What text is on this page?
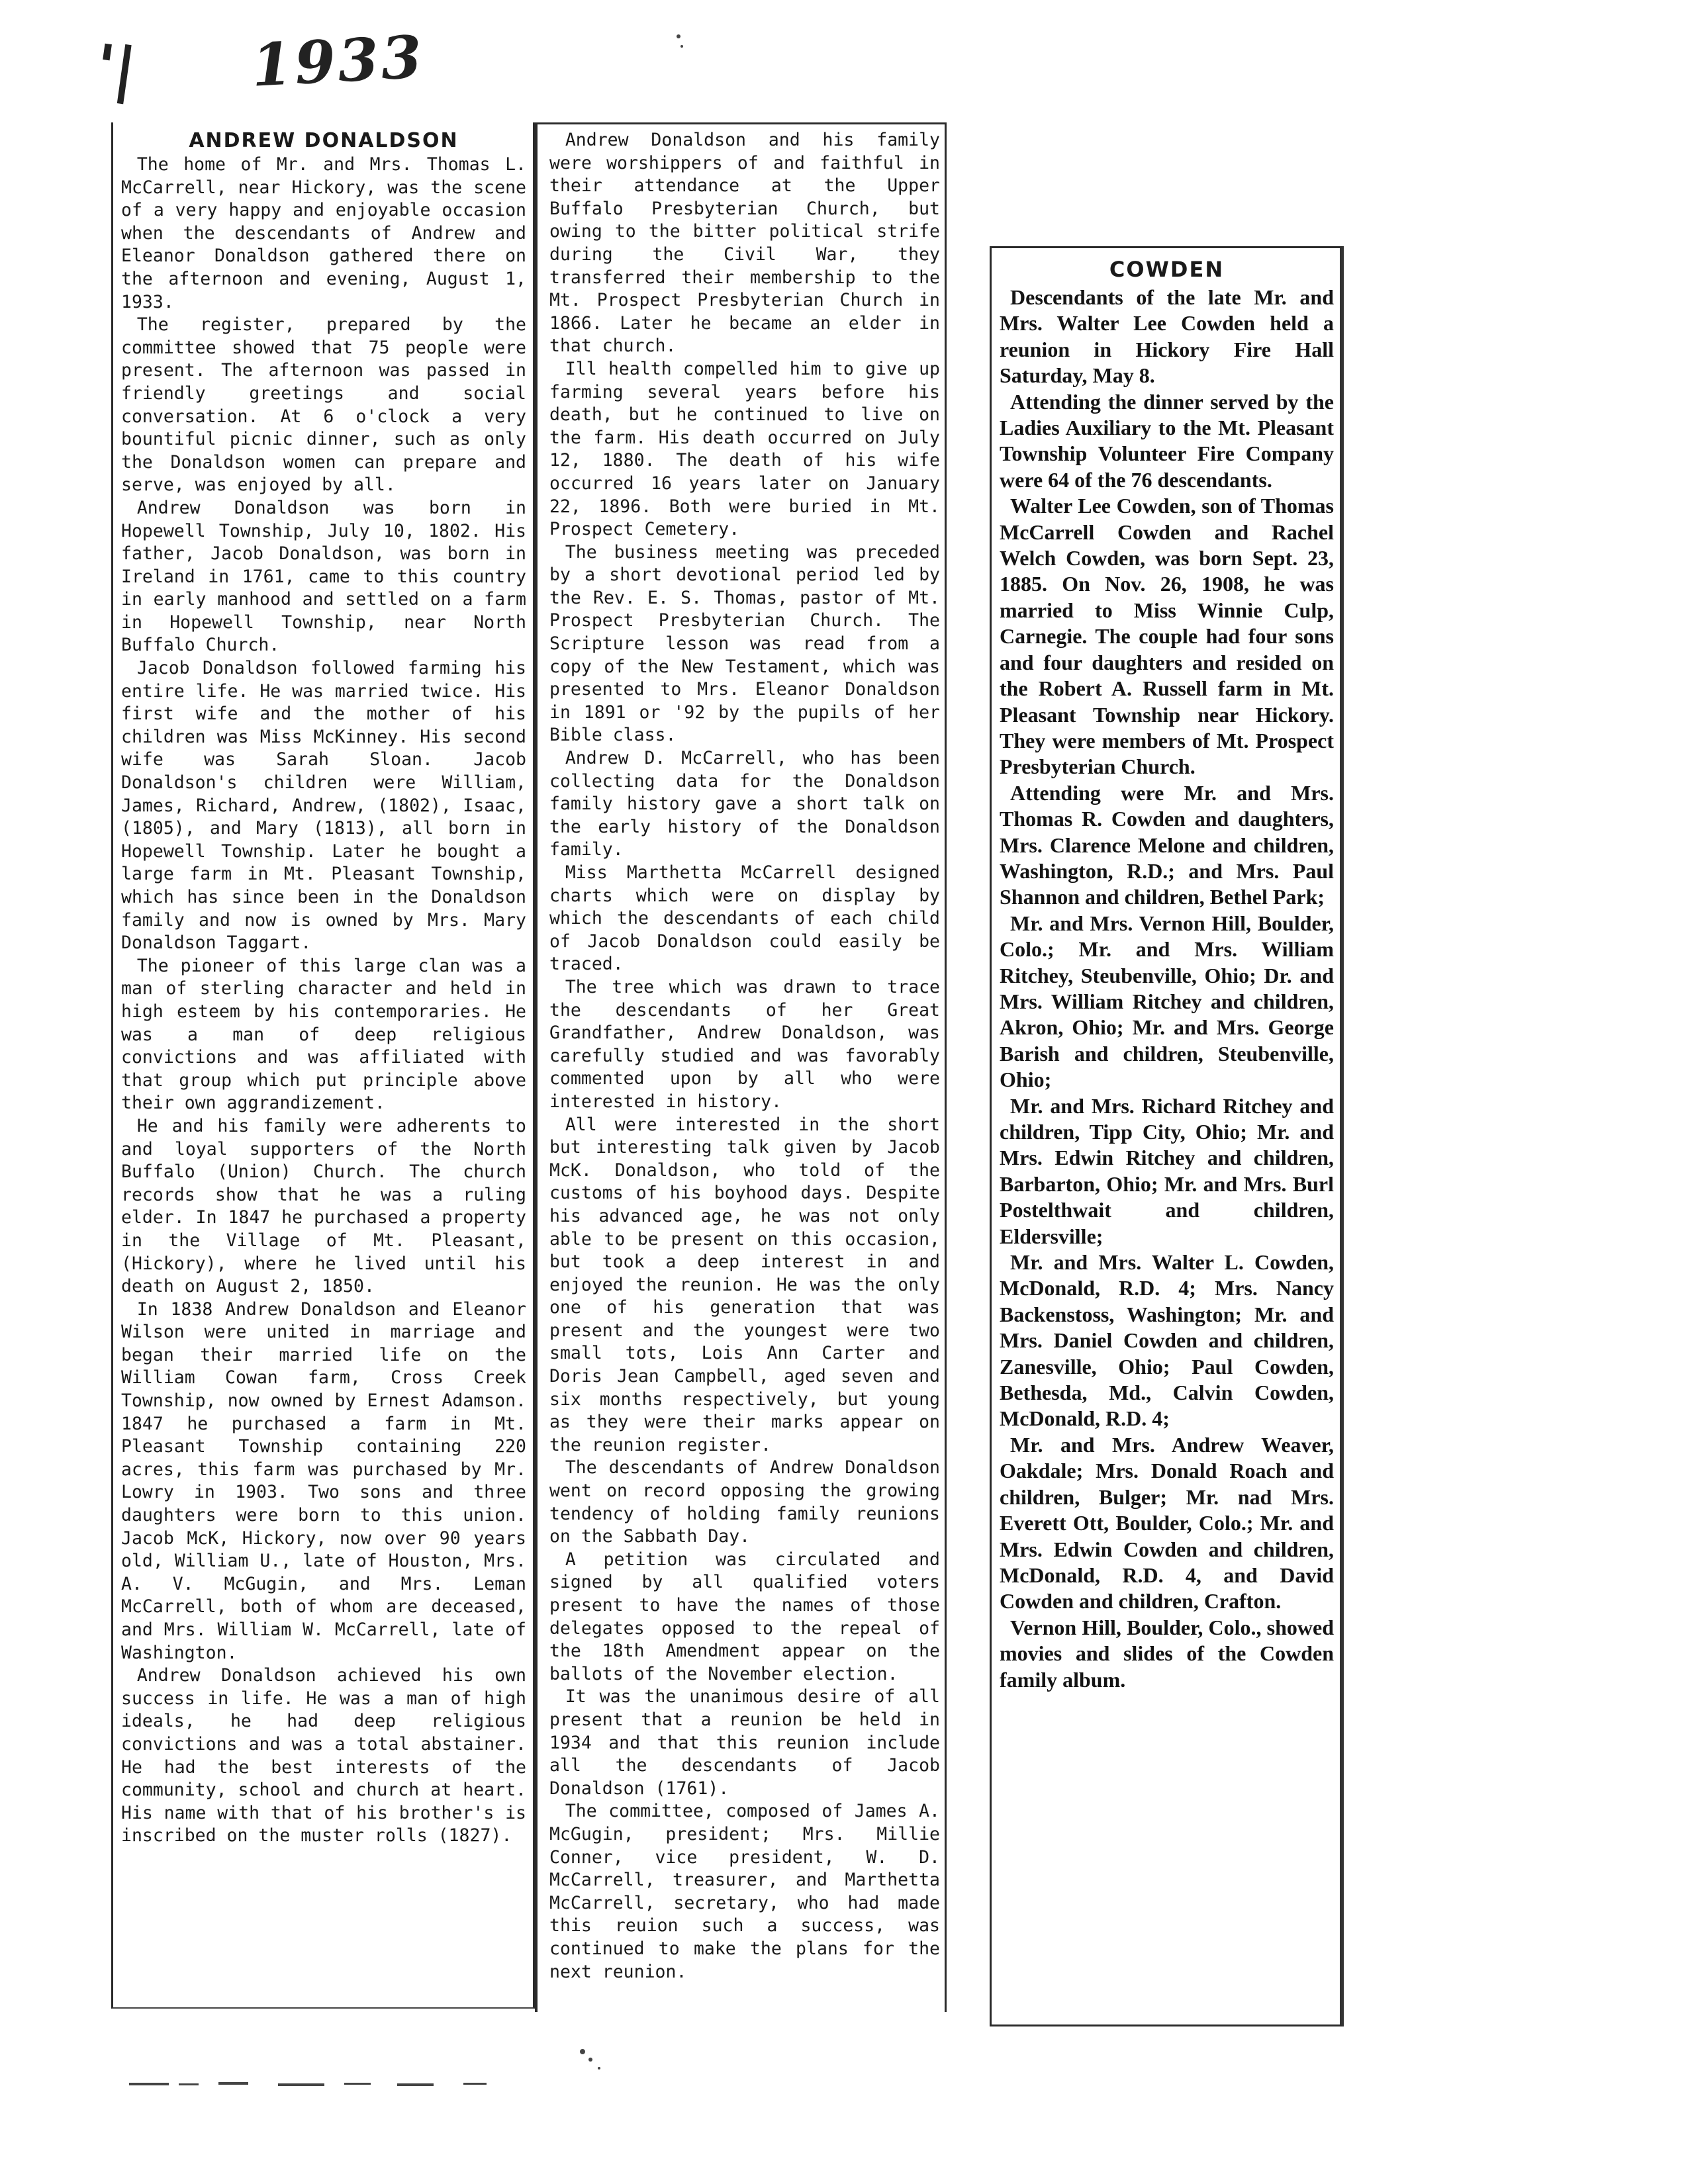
'| 1933
ANDREW DONALDSON

The home of Mr. and Mrs. Thomas L. McCarrell, near Hickory, was the scene of a very happy and enjoyable occasion when the descendants of Andrew and Eleanor Donaldson gathered there on the afternoon and evening, August 1, 1933.

The register, prepared by the committee showed that 75 people were present. The afternoon was passed in friendly greetings and social conversation. At 6 o'clock a very bountiful picnic dinner, such as only the Donaldson women can prepare and serve, was enjoyed by all.

Andrew Donaldson was born in Hopewell Township, July 10, 1802. His father, Jacob Donaldson, was born in Ireland in 1761, came to this country in early manhood and settled on a farm in Hopewell Township, near North Buffalo Church.

Jacob Donaldson followed farming his entire life. He was married twice. His first wife and the mother of his children was Miss McKinney. His second wife was Sarah Sloan. Jacob Donaldson's children were William, James, Richard, Andrew, (1802), Isaac, (1805), and Mary (1813), all born in Hopewell Township. Later he bought a large farm in Mt. Pleasant Township, which has since been in the Donaldson family and now is owned by Mrs. Mary Donaldson Taggart.

The pioneer of this large clan was a man of sterling character and held in high esteem by his contemporaries. He was a man of deep religious convictions and was affiliated with that group which put principle above their own aggrandizement.

He and his family were adherents to and loyal supporters of the North Buffalo (Union) Church. The church records show that he was a ruling elder. In 1847 he purchased a property in the Village of Mt. Pleasant, (Hickory), where he lived until his death on August 2, 1850.

In 1838 Andrew Donaldson and Eleanor Wilson were united in marriage and began their married life on the William Cowan farm, Cross Creek Township, now owned by Ernest Adamson. 1847 he purchased a farm in Mt. Pleasant Township containing 220 acres, this farm was purchased by Mr. Lowry in 1903. Two sons and three daughters were born to this union. Jacob McK, Hickory, now over 90 years old, William U., late of Houston, Mrs. A. V. McGugin, and Mrs. Leman McCarrell, both of whom are deceased, and Mrs. William W. McCarrell, late of Washington.

Andrew Donaldson achieved his own success in life. He was a man of high ideals, he had deep religious convictions and was a total abstainer. He had the best interests of the community, school and church at heart. His name with that of his brother's is inscribed on the muster rolls (1827).

Andrew Donaldson and his family were worshippers of and faithful in their attendance at the Upper Buffalo Presbyterian Church, but owing to the bitter political strife during the Civil War, they transferred their membership to the Mt. Prospect Presbyterian Church in 1866. Later he became an elder in that church.

Ill health compelled him to give up farming several years before his death, but he continued to live on the farm. His death occurred on July 12, 1880. The death of his wife occurred 16 years later on January 22, 1896. Both were buried in Mt. Prospect Cemetery.

The business meeting was preceded by a short devotional period led by the Rev. E. S. Thomas, pastor of Mt. Prospect Presbyterian Church. The Scripture lesson was read from a copy of the New Testament, which was presented to Mrs. Eleanor Donaldson in 1891 or '92 by the pupils of her Bible class.

Andrew D. McCarrell, who has been collecting data for the Donaldson family history gave a short talk on the early history of the Donaldson family.

Miss Marthetta McCarrell designed charts which were on display by which the descendants of each child of Jacob Donaldson could easily be traced.

The tree which was drawn to trace the descendants of her Great Grandfather, Andrew Donaldson, was carefully studied and was favorably commented upon by all who were interested in history.

All were interested in the short but interesting talk given by Jacob McK. Donaldson, who told of the customs of his boyhood days. Despite his advanced age, he was not only able to be present on this occasion, but took a deep interest in and enjoyed the reunion. He was the only one of his generation that was present and the youngest were two small tots, Lois Ann Carter and Doris Jean Campbell, aged seven and six months respectively, but young as they were their marks appear on the reunion register.

The descendants of Andrew Donaldson went on record opposing the growing tendency of holding family reunions on the Sabbath Day.

A petition was circulated and signed by all qualified voters present to have the names of those delegates opposed to the repeal of the 18th Amendment appear on the ballots of the November election.

It was the unanimous desire of all present that a reunion be held in 1934 and that this reunion include all the descendants of Jacob Donaldson (1761).

The committee, composed of James A. McGugin, president; Mrs. Millie Conner, vice president, W. D. McCarrell, treasurer, and Marthetta McCarrell, secretary, who had made this reuion such a success, was continued to make the plans for the next reunion.

COWDEN

Descendants of the late Mr. and Mrs. Walter Lee Cowden held a reunion in Hickory Fire Hall Saturday, May 8.

Attending the dinner served by the Ladies Auxiliary to the Mt. Pleasant Township Volunteer Fire Company were 64 of the 76 descendants.

Walter Lee Cowden, son of Thomas McCarrell Cowden and Rachel Welch Cowden, was born Sept. 23, 1885. On Nov. 26, 1908, he was married to Miss Winnie Culp, Carnegie. The couple had four sons and four daughters and resided on the Robert A. Russell farm in Mt. Pleasant Township near Hickory. They were members of Mt. Prospect Presbyterian Church.

Attending were Mr. and Mrs. Thomas R. Cowden and daughters, Mrs. Clarence Melone and children, Washington, R.D.; and Mrs. Paul Shannon and children, Bethel Park;

Mr. and Mrs. Vernon Hill, Boulder, Colo.; Mr. and Mrs. William Ritchey, Steubenville, Ohio; Dr. and Mrs. William Ritchey and children, Akron, Ohio; Mr. and Mrs. George Barish and children, Steubenville, Ohio;

Mr. and Mrs. Richard Ritchey and children, Tipp City, Ohio; Mr. and Mrs. Edwin Ritchey and children, Barbarton, Ohio; Mr. and Mrs. Burl Postelthwait and children, Eldersville;

Mr. and Mrs. Walter L. Cowden, McDonald, R.D. 4; Mrs. Nancy Backenstoss, Washington; Mr. and Mrs. Daniel Cowden and children, Zanesville, Ohio; Paul Cowden, Bethesda, Md., Calvin Cowden, McDonald, R.D. 4;

Mr. and Mrs. Andrew Weaver, Oakdale; Mrs. Donald Roach and children, Bulger; Mr. nad Mrs. Everett Ott, Boulder, Colo.; Mr. and Mrs. Edwin Cowden and children, McDonald, R.D. 4, and David Cowden and children, Crafton.

Vernon Hill, Boulder, Colo., showed movies and slides of the Cowden family album.
